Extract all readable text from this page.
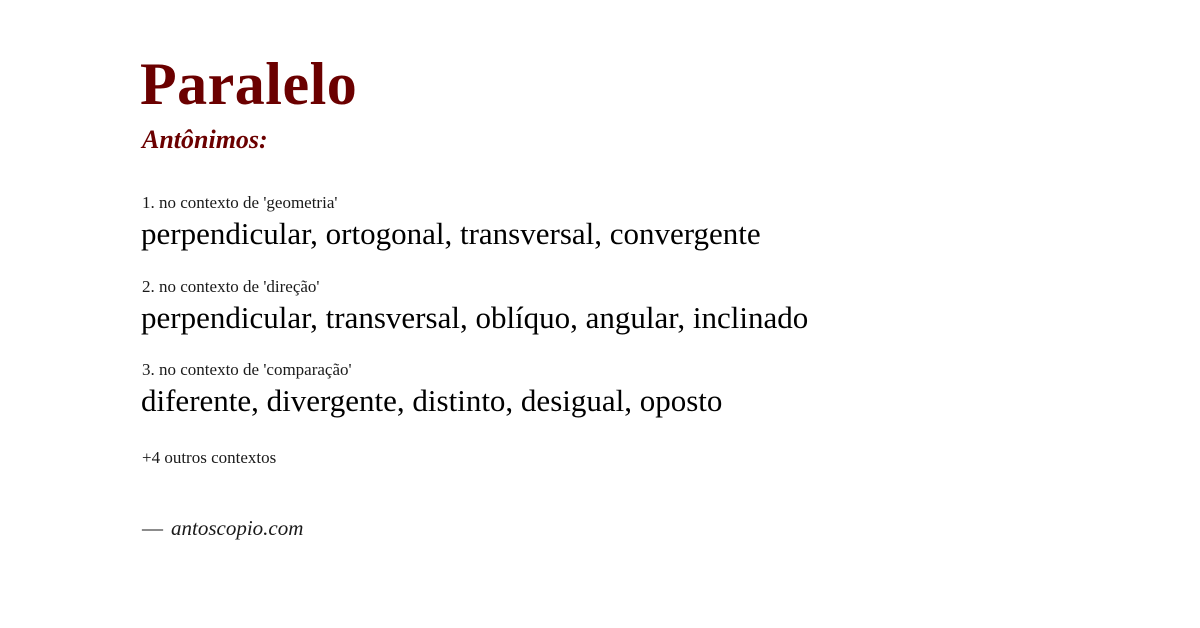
Paralelo
Antônimos:
1. no contexto de 'geometria'
perpendicular, ortogonal, transversal, convergente
2. no contexto de 'direção'
perpendicular, transversal, oblíquo, angular, inclinado
3. no contexto de 'comparação'
diferente, divergente, distinto, desigual, oposto
+4 outros contextos
— antoscopio.com
